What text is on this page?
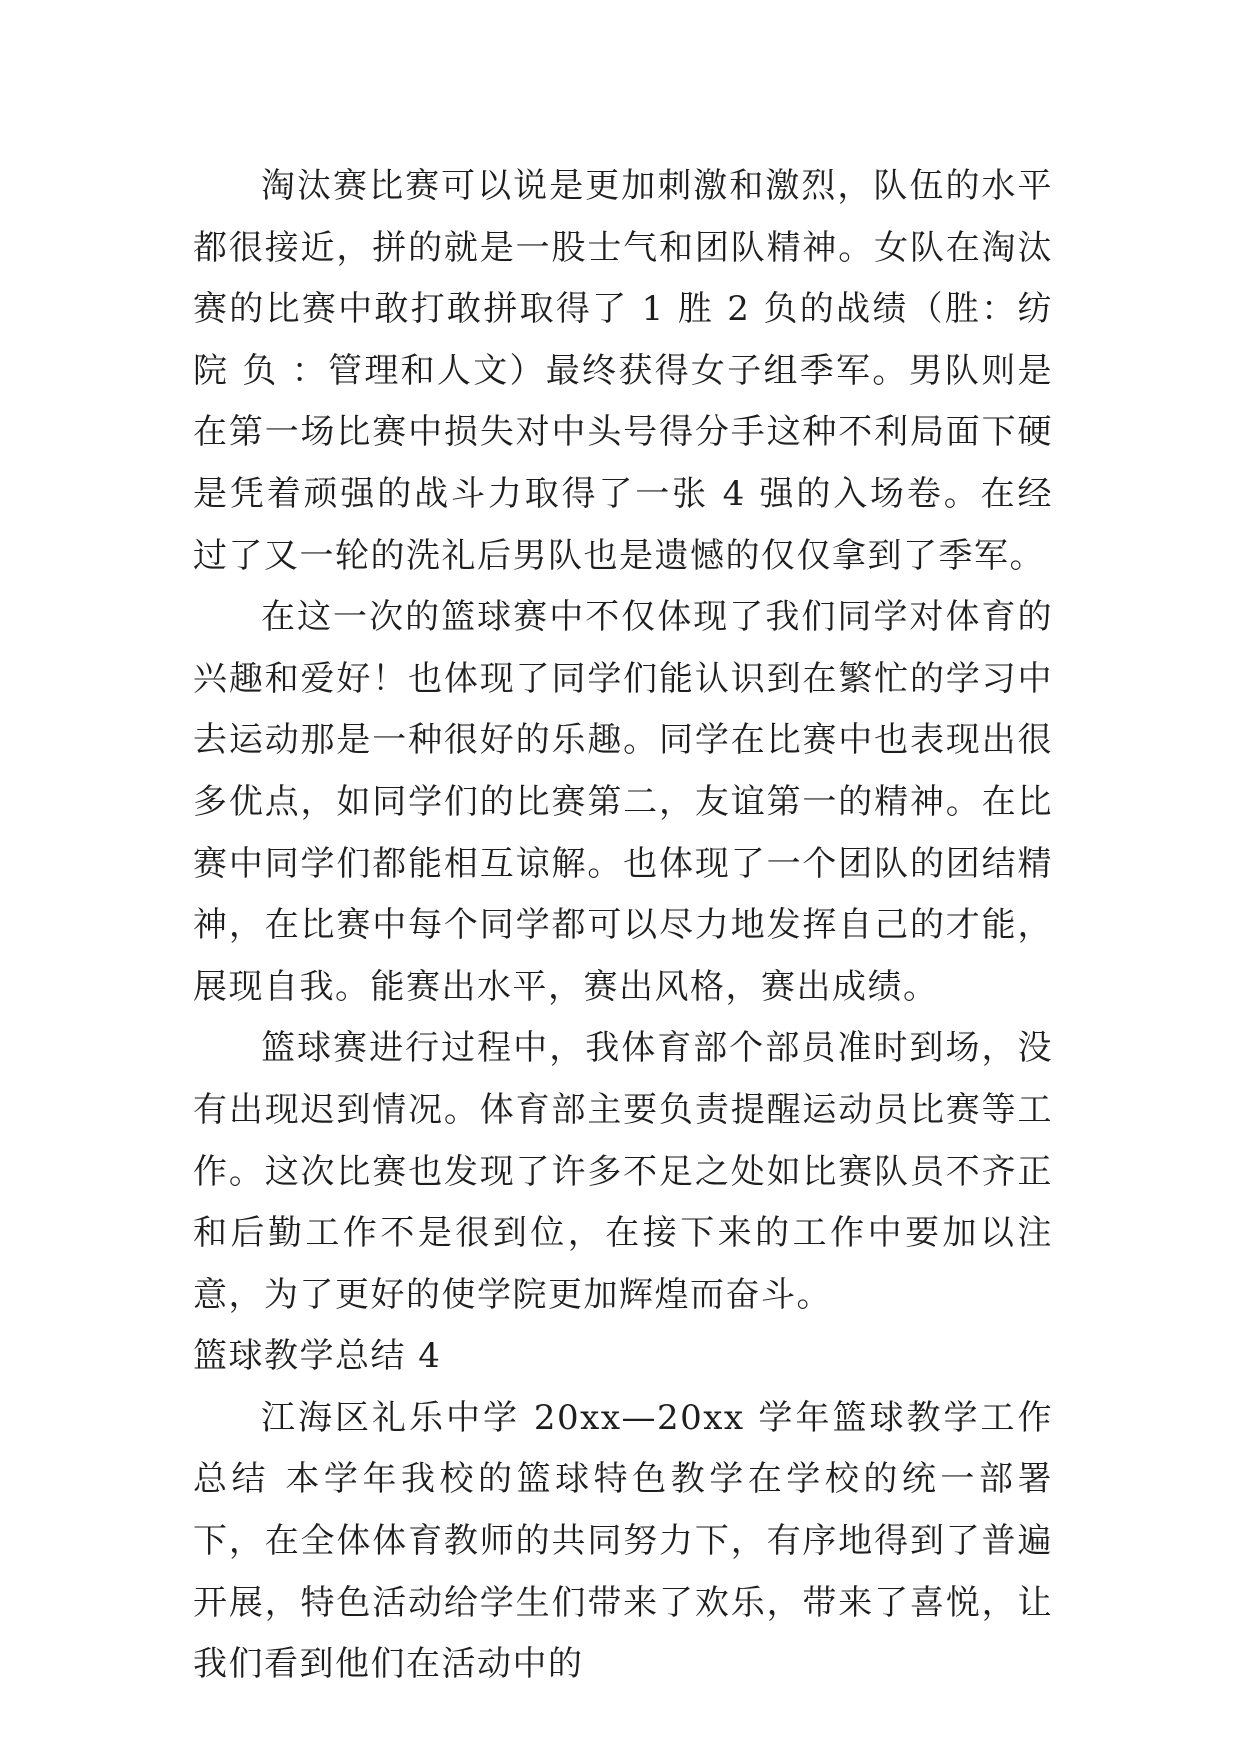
淘汰赛比赛可以说是更加刺激和激烈，队伍的水平都很接近，拼的就是一股士气和团队精神。女队在淘汰赛的比赛中敢打敢拼取得了 1 胜 2 负的战绩（胜：纺院 负 ：管理和人文）最终获得女子组季军。男队则是在第一场比赛中损失对中头号得分手这种不利局面下硬是凭着顽强的战斗力取得了一张 4 强的入场卷。在经过了又一轮的洗礼后男队也是遗憾的仅仅拿到了季军。

在这一次的篮球赛中不仅体现了我们同学对体育的兴趣和爱好！也体现了同学们能认识到在繁忙的学习中去运动那是一种很好的乐趣。同学在比赛中也表现出很多优点，如同学们的比赛第二，友谊第一的精神。在比赛中同学们都能相互谅解。也体现了一个团队的团结精神，在比赛中每个同学都可以尽力地发挥自己的才能，展现自我。能赛出水平，赛出风格，赛出成绩。

篮球赛进行过程中，我体育部个部员准时到场，没有出现迟到情况。体育部主要负责提醒运动员比赛等工作。这次比赛也发现了许多不足之处如比赛队员不齐正和后勤工作不是很到位，在接下来的工作中要加以注意，为了更好的使学院更加辉煌而奋斗。

篮球教学总结 4

江海区礼乐中学 20xx—20xx 学年篮球教学工作总结 本学年我校的篮球特色教学在学校的统一部署下，在全体体育教师的共同努力下，有序地得到了普遍开展，特色活动给学生们带来了欢乐，带来了喜悦，让我们看到他们在活动中的
